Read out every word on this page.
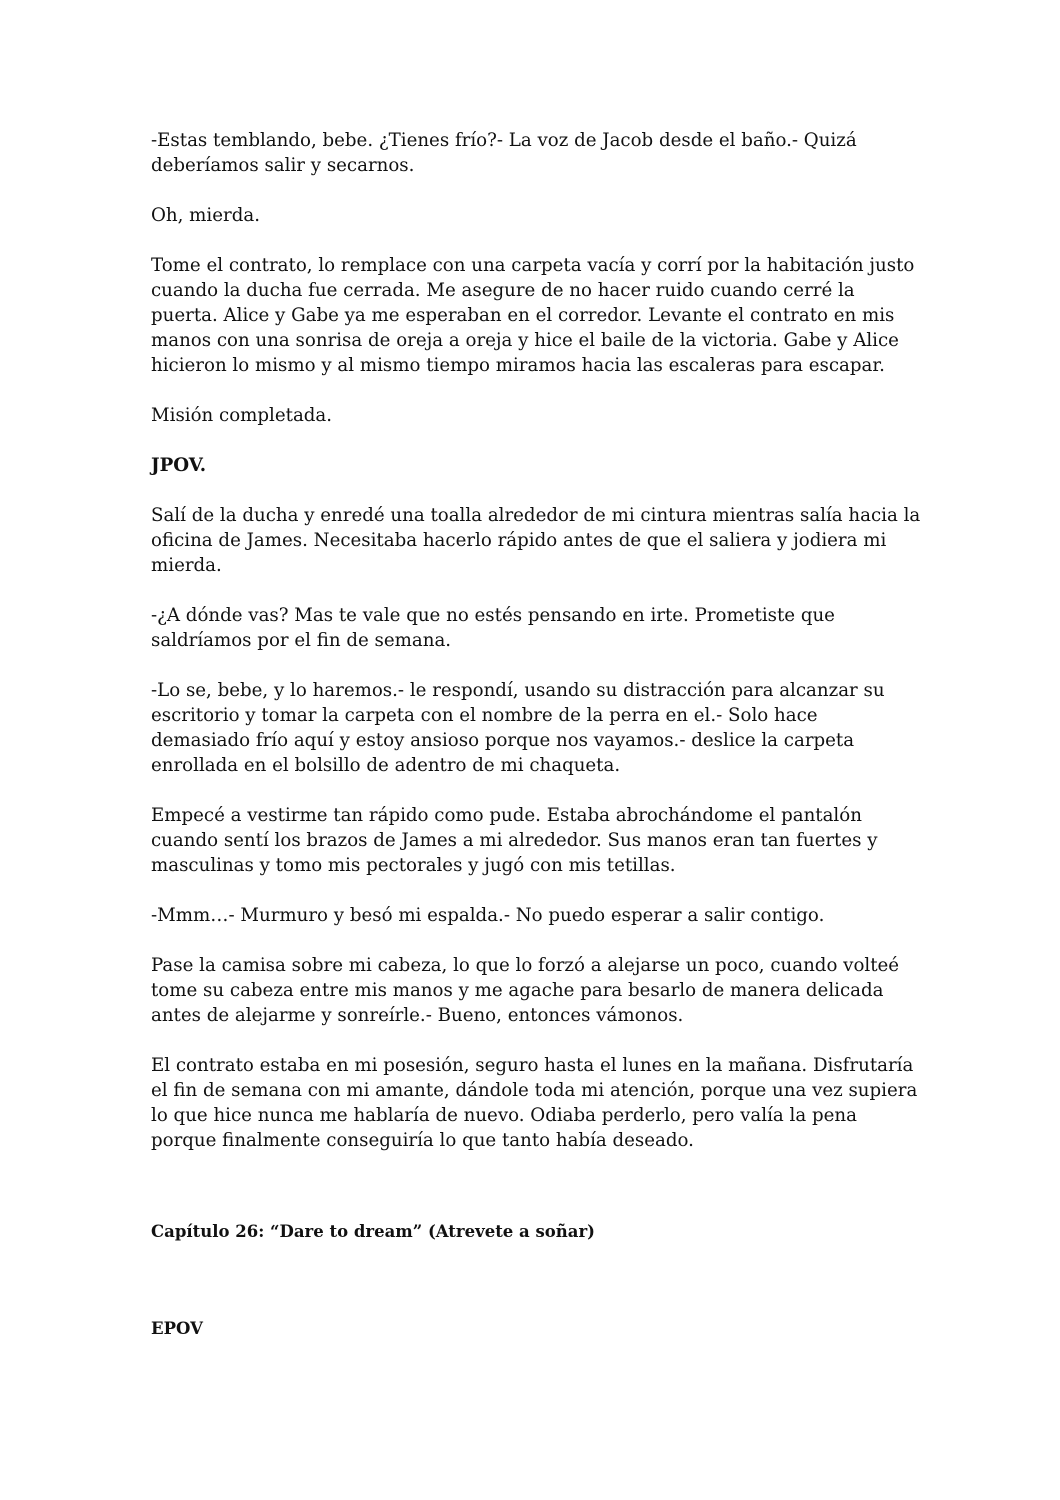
-Estas temblando, bebe. ¿Tienes frío?- La voz de Jacob desde el baño.- Quizá deberíamos salir y secarnos.

Oh, mierda.

Tome el contrato, lo remplace con una carpeta vacía y corrí por la habitación justo cuando la ducha fue cerrada. Me asegure de no hacer ruido cuando cerré la puerta. Alice y Gabe ya me esperaban en el corredor. Levante el contrato en mis manos con una sonrisa de oreja a oreja y hice el baile de la victoria. Gabe y Alice hicieron lo mismo y al mismo tiempo miramos hacia las escaleras para escapar.

Misión completada.

JPOV.

Salí de la ducha y enredé una toalla alrededor de mi cintura mientras salía hacia la oficina de James. Necesitaba hacerlo rápido antes de que el saliera y jodiera mi mierda.

-¿A dónde vas? Mas te vale que no estés pensando en irte. Prometiste que saldríamos por el fin de semana.

-Lo se, bebe, y lo haremos.- le respondí, usando su distracción para alcanzar su escritorio y tomar la carpeta con el nombre de la perra en el.- Solo hace demasiado frío aquí y estoy ansioso porque nos vayamos.- deslice la carpeta enrollada en el bolsillo de adentro de mi chaqueta.

Empecé a vestirme tan rápido como pude. Estaba abrochándome el pantalón cuando sentí los brazos de James a mi alrededor. Sus manos eran tan fuertes y masculinas y tomo mis pectorales y jugó con mis tetillas.

-Mmm…- Murmuro y besó mi espalda.- No puedo esperar a salir contigo.

Pase la camisa sobre mi cabeza, lo que lo forzó a alejarse un poco, cuando volteé tome su cabeza entre mis manos y me agache para besarlo de manera delicada antes de alejarme y sonreírle.- Bueno, entonces vámonos.

El contrato estaba en mi posesión, seguro hasta el lunes en la mañana. Disfrutaría el fin de semana con mi amante, dándole toda mi atención, porque una vez supiera lo que hice nunca me hablaría de nuevo. Odiaba perderlo, pero valía la pena porque finalmente conseguiría lo que tanto había deseado.

Capítulo 26: “Dare to dream” (Atrevete a soñar)

EPOV
